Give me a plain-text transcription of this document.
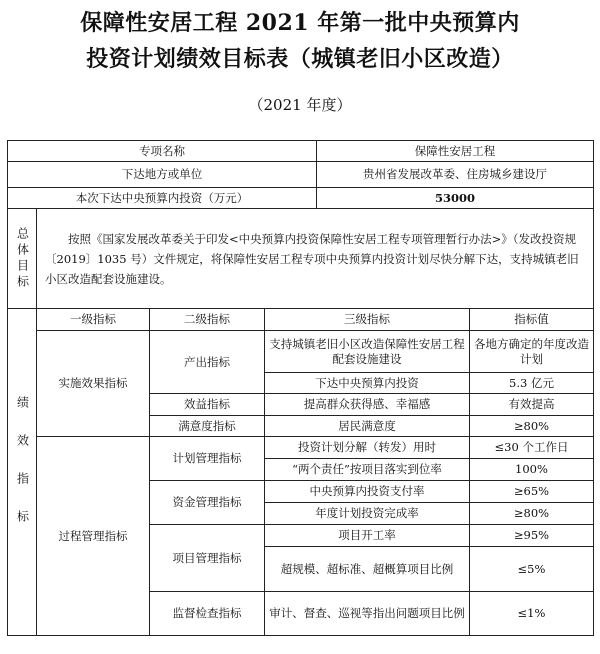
保障性安居工程 2021 年第一批中央预算内
投资计划绩效目标表（城镇老旧小区改造）
（2021 年度）
专项名称				保障性安居工程	
下达地方或单位				贵州省发展改革委、住房城乡建设厅	
本次下达中央预算内投资（万元）				53000	
总体目标	按照《国家发展改革委关于印发<中央预算内投资保障性安居工程专项管理暂行办法>》（发改投资规〔2019〕1035 号）文件规定，将保障性安居工程专项中央预算内投资计划尽快分解下达，支持城镇老旧小区改造配套设施建设。				
绩效指标	一级指标	二级指标	三级指标		指标值
	实施效果指标	产出指标	支持城镇老旧小区改造保障性安居工程配套设施建设		各地方确定的年度改造计划
			下达中央预算内投资		5.3 亿元
		效益指标	提高群众获得感、幸福感		有效提高
		满意度指标	居民满意度		≥80%
	过程管理指标	计划管理指标	投资计划分解（转发）用时		≤30 个工作日
			“两个责任”按项目落实到位率		100%
		资金管理指标	中央预算内投资支付率		≥65%
			年度计划投资完成率		≥80%
		项目管理指标	项目开工率		≥95%
			超规模、超标准、超概算项目比例		≤5%

		监督检查指标	审计、督查、巡视等指出问题项目比例		≤1%
